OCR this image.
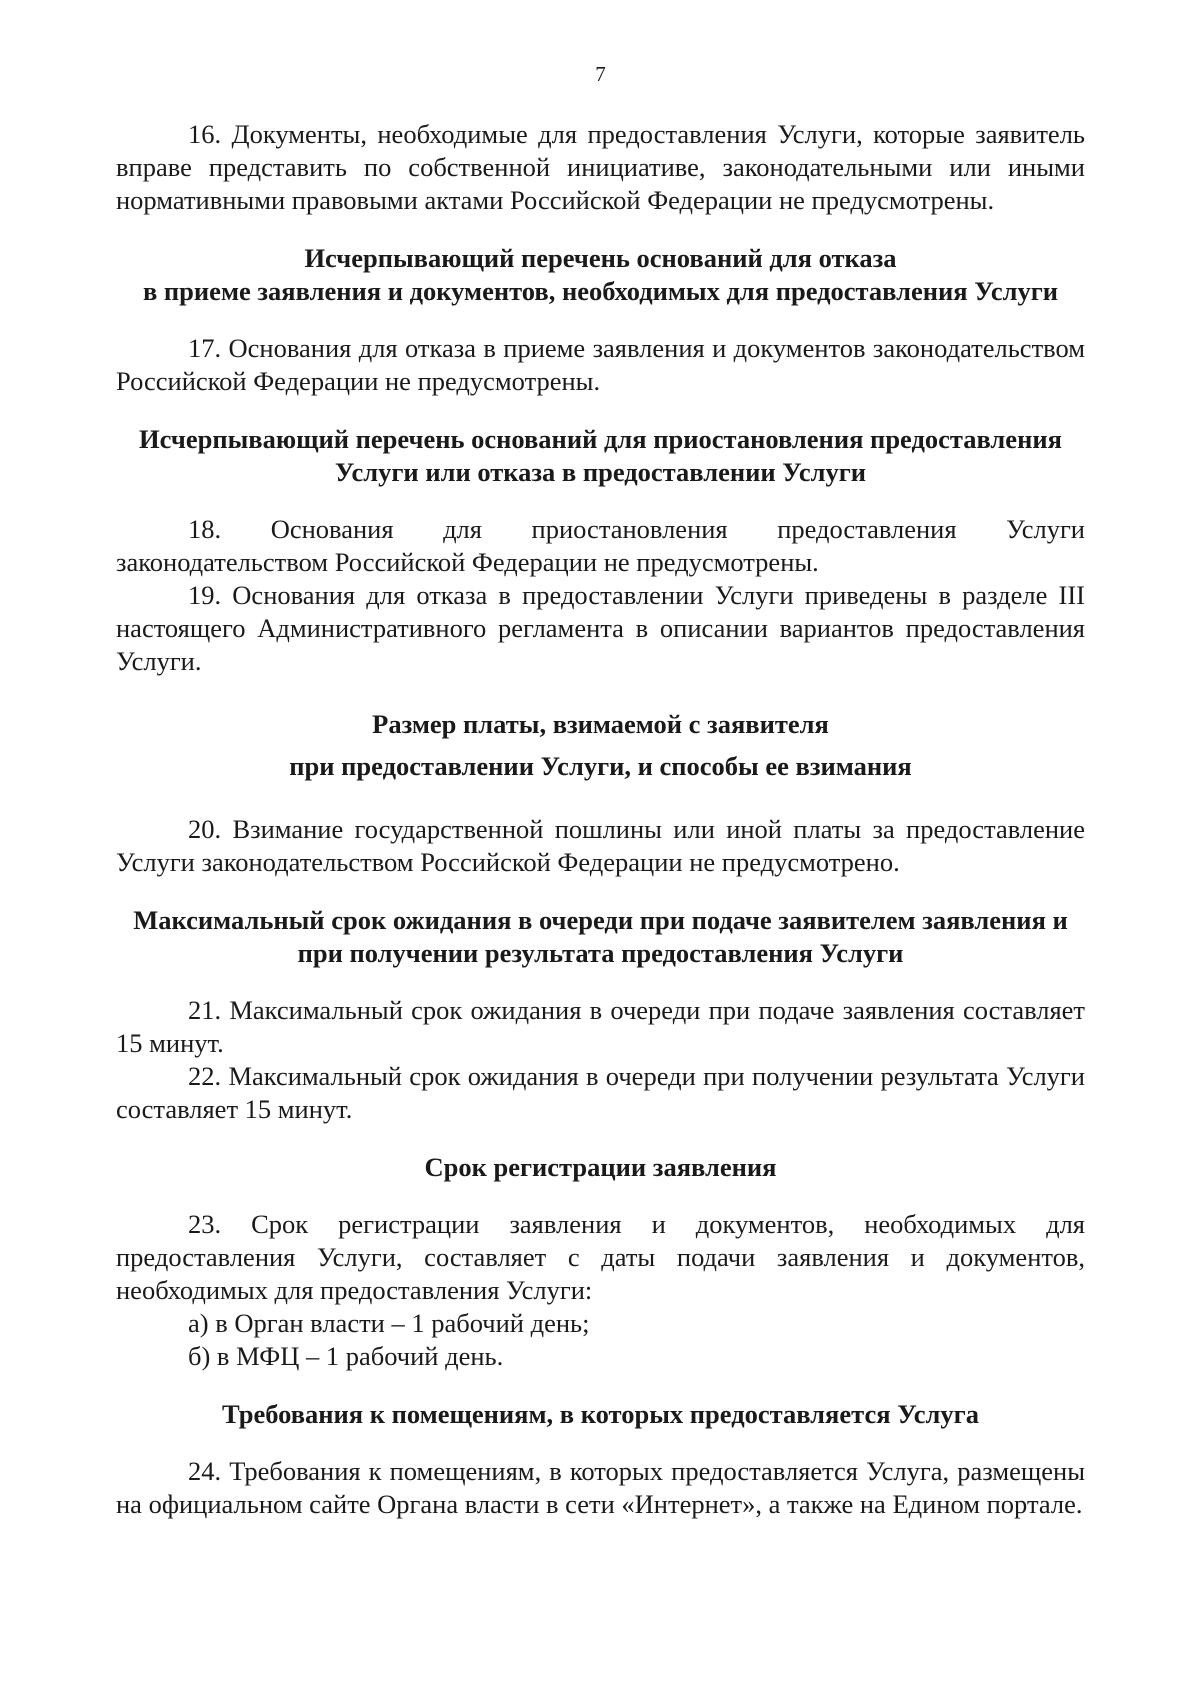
7

16. Документы, необходимые для предоставления Услуги, которые заявитель вправе представить по собственной инициативе, законодательными или иными нормативными правовыми актами Российской Федерации не предусмотрены.

Исчерпывающий перечень оснований для отказа
в приеме заявления и документов, необходимых для предоставления Услуги

17. Основания для отказа в приеме заявления и документов законодательством Российской Федерации не предусмотрены.

Исчерпывающий перечень оснований для приостановления предоставления
Услуги или отказа в предоставлении Услуги

18. Основания для приостановления предоставления Услуги законодательством Российской Федерации не предусмотрены.

19. Основания для отказа в предоставлении Услуги приведены в разделе III настоящего Административного регламента в описании вариантов предоставления Услуги.

Размер платы, взимаемой с заявителя
при предоставлении Услуги, и способы ее взимания

20. Взимание государственной пошлины или иной платы за предоставление Услуги законодательством Российской Федерации не предусмотрено.

Максимальный срок ожидания в очереди при подаче заявителем заявления и
при получении результата предоставления Услуги

21. Максимальный срок ожидания в очереди при подаче заявления составляет 15 минут.

22. Максимальный срок ожидания в очереди при получении результата Услуги составляет 15 минут.

Срок регистрации заявления

23. Срок регистрации заявления и документов, необходимых для предоставления Услуги, составляет с даты подачи заявления и документов, необходимых для предоставления Услуги:

а) в Орган власти – 1 рабочий день;

б) в МФЦ – 1 рабочий день.

Требования к помещениям, в которых предоставляется Услуга

24. Требования к помещениям, в которых предоставляется Услуга, размещены на официальном сайте Органа власти в сети «Интернет», а также на Едином портале.
